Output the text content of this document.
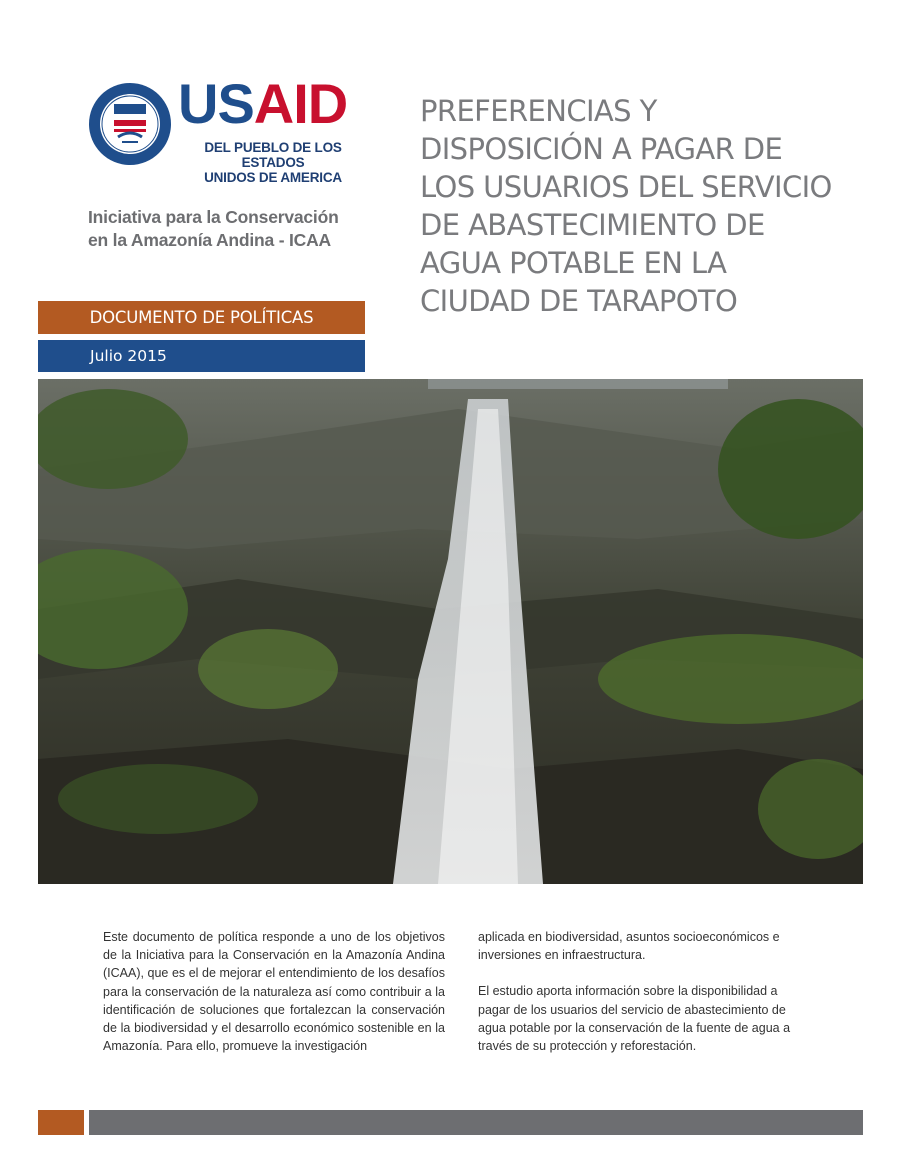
USAID
DEL PUEBLO DE LOS ESTADOS
UNIDOS DE AMERICA
Iniciativa para la Conservación
en la Amazonía Andina - ICAA
PREFERENCIAS Y
DISPOSICIÓN A PAGAR DE
LOS USUARIOS DEL SERVICIO
DE ABASTECIMIENTO DE
AGUA POTABLE EN LA
CIUDAD DE TARAPOTO
DOCUMENTO DE POLÍTICAS
Julio 2015

Este documento de política responde a uno de los objetivos de la Iniciativa para la Conservación en la Amazonía Andina (ICAA), que es el de mejorar el entendimiento de los desafíos para la conservación de la naturaleza así como contribuir a la identificación de soluciones que fortalezcan la conservación de la biodiversidad y el desarrollo económico sostenible en la Amazonía. Para ello, promueve la investigación

aplicada en biodiversidad, asuntos socioeconómicos e inversiones en infraestructura.

El estudio aporta información sobre la disponibilidad a pagar de los usuarios del servicio de abastecimiento de agua potable por la conservación de la fuente de agua a través de su protección y reforestación.
